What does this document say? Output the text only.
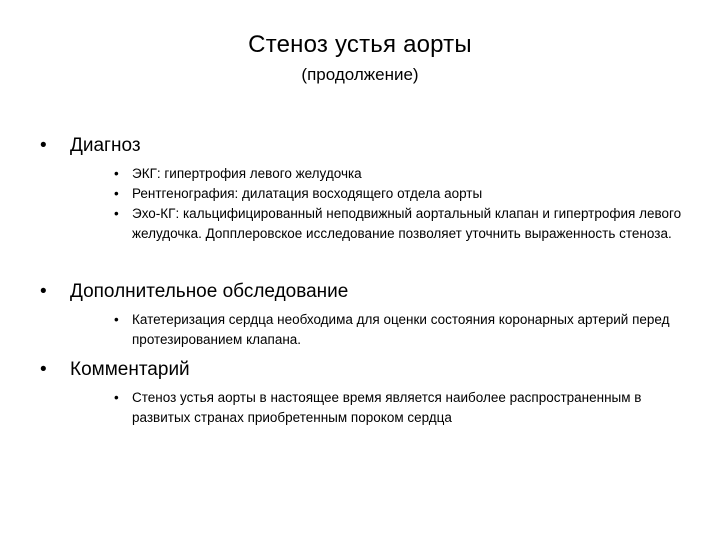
Стеноз устья аорты
(продолжение)

• Диагноз

• ЭКГ: гипертрофия левого желудочка
• Рентгенография: дилатация восходящего отдела аорты
• Эхо-КГ: кальцифицированный неподвижный аортальный клапан и гипертрофия левого желудочка. Допплеровское исследование позволяет уточнить выраженность стеноза.

• Дополнительное обследование

• Катетеризация сердца необходима для оценки состояния коронарных артерий перед протезированием клапана.

• Комментарий

• Стеноз устья аорты в настоящее время является наиболее распространенным в развитых странах приобретенным пороком сердца
